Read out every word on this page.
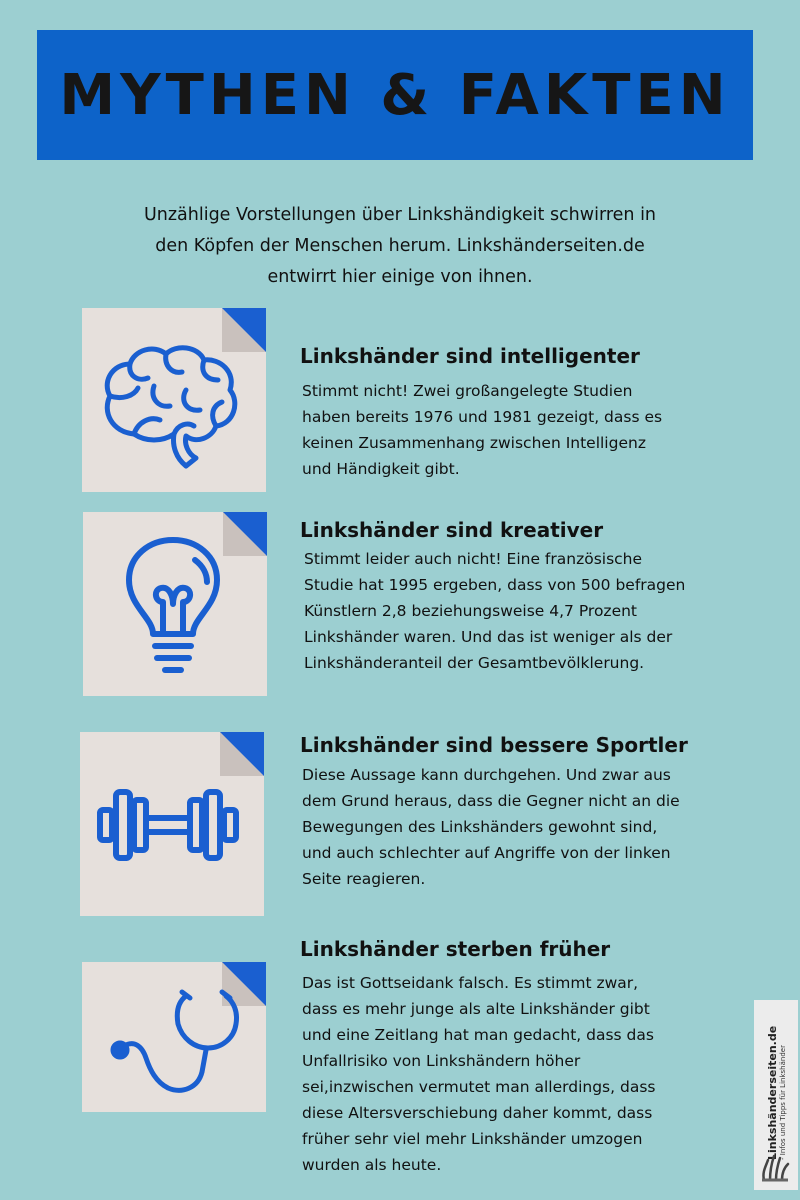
MYTHEN & FAKTEN
Unzählige Vorstellungen über Linkshändigkeit schwirren in
den Köpfen der Menschen herum. Linkshänderseiten.de
entwirrt hier einige von ihnen.
Linkshänder sind intelligenter
Stimmt nicht! Zwei großangelegte Studien
haben bereits 1976 und 1981 gezeigt, dass es
keinen Zusammenhang zwischen Intelligenz
und Händigkeit gibt.
Linkshänder sind kreativer
Stimmt leider auch nicht! Eine französische
Studie hat 1995 ergeben, dass von 500 befragen
Künstlern 2,8 beziehungsweise 4,7 Prozent
Linkshänder waren. Und das ist weniger als der
Linkshänderanteil der Gesamtbevölklerung.
Linkshänder sind bessere Sportler
Diese Aussage kann durchgehen. Und zwar aus
dem Grund heraus, dass die Gegner nicht an die
Bewegungen des Linkshänders gewohnt sind,
und auch schlechter auf Angriffe von der linken
Seite reagieren.
Linkshänder sterben früher
Das ist Gottseidank falsch. Es stimmt zwar,
dass es mehr junge als alte Linkshänder gibt
und eine Zeitlang hat man gedacht, dass das
Unfallrisiko von Linkshändern höher
sei,inzwischen vermutet man allerdings, dass
diese Altersverschiebung daher kommt, dass
früher sehr viel mehr Linkshänder umzogen
wurden als heute.
Linkshänderseiten.de - Infos und Tipps für Linkshänder
